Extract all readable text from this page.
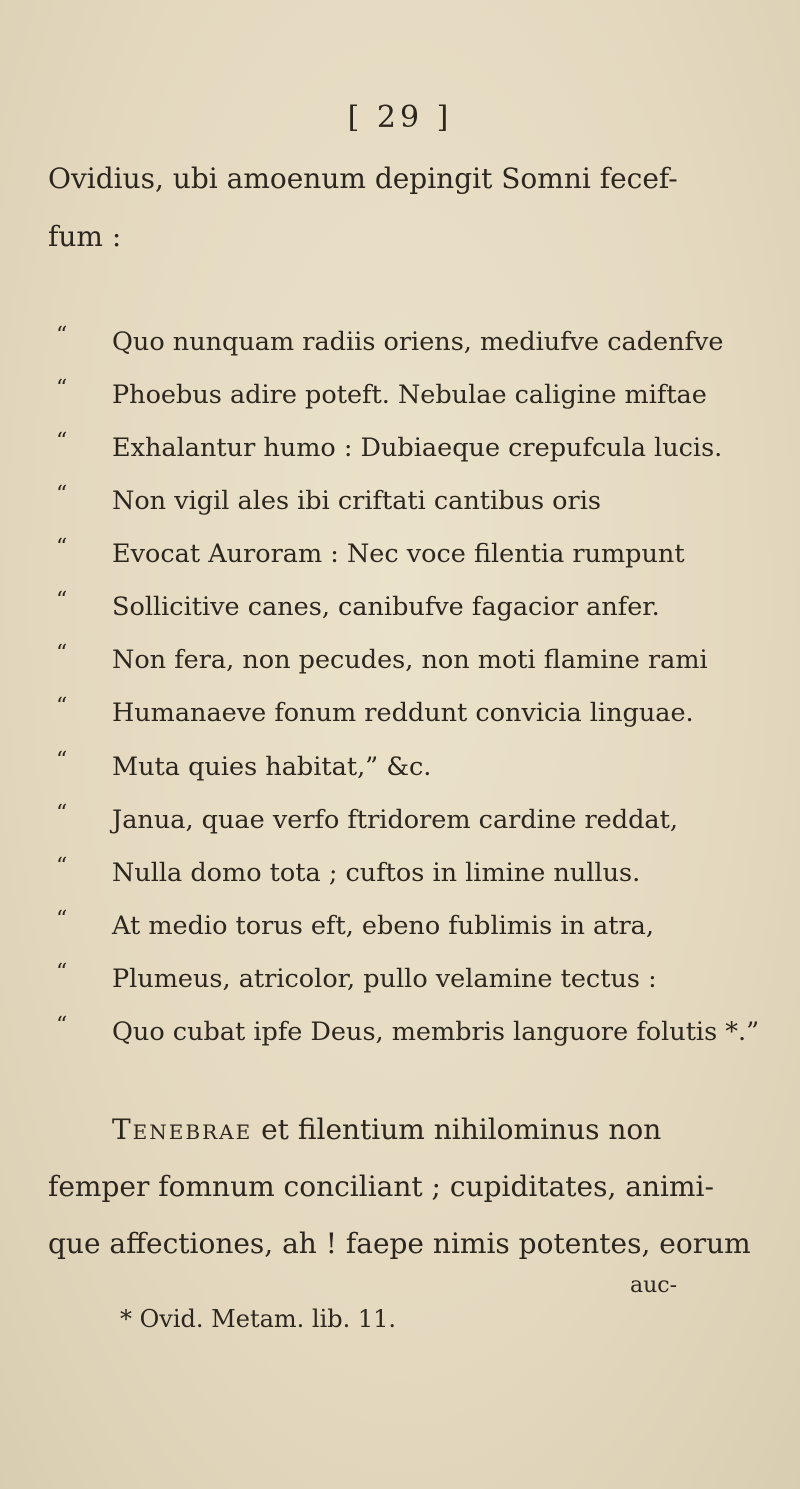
[ 29 ]
Ovidius, ubi amoenum depingit Somni fecef-
fum :
“ Quo nunquam radiis oriens, mediufve cadenfve
“ Phoebus adire poteft. Nebulae caligine miftae
“ Exhalantur humo : Dubiaeque crepufcula lucis.
“ Non vigil ales ibi criftati cantibus oris
“ Evocat Auroram : Nec voce filentia rumpunt
“ Sollicitive canes, canibufve fagacior anfer.
“ Non fera, non pecudes, non moti flamine rami
“ Humanaeve fonum reddunt convicia linguae.
“ Muta quies habitat,” &c.
“ Janua, quae verfo ftridorem cardine reddat,
“ Nulla domo tota ; cuftos in limine nullus.
“ At medio torus eft, ebeno fublimis in atra,
“ Plumeus, atricolor, pullo velamine tectus :
“ Quo cubat ipfe Deus, membris languore folutis *.”
Tenebrae et filentium nihilominus non
femper fomnum conciliant ; cupiditates, animi-
que affectiones, ah ! faepe nimis potentes, eorum
auc-
* Ovid. Metam. lib. 11.
